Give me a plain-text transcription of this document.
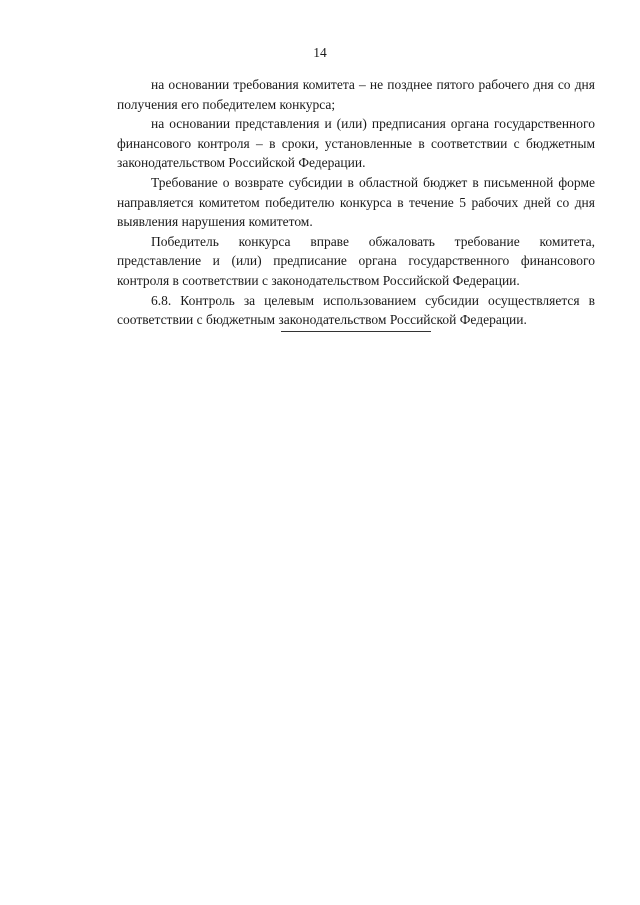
14

на основании требования комитета – не позднее пятого рабочего дня со дня получения его победителем конкурса;

на основании представления и (или) предписания органа государственного финансового контроля – в сроки, установленные в соответствии с бюджетным законодательством Российской Федерации.

Требование о возврате субсидии в областной бюджет в письменной форме направляется комитетом победителю конкурса в течение 5 рабочих дней со дня выявления нарушения комитетом.

Победитель конкурса вправе обжаловать требование комитета, представление и (или) предписание органа государственного финансового контроля в соответствии с законодательством Российской Федерации.

6.8. Контроль за целевым использованием субсидии осуществляется в соответствии с бюджетным законодательством Российской Федерации.
